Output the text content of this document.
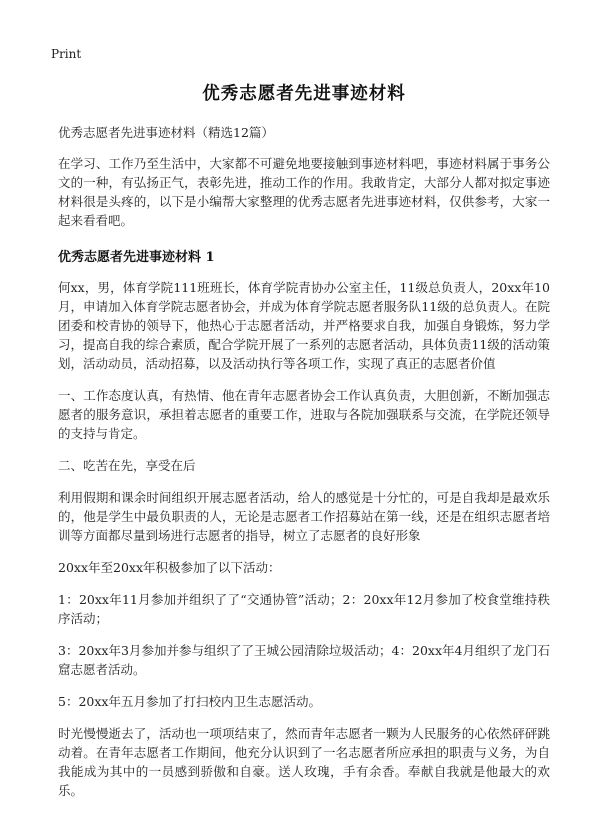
Print
优秀志愿者先进事迹材料
优秀志愿者先进事迹材料（精选12篇）
在学习、工作乃至生活中，大家都不可避免地要接触到事迹材料吧，事迹材料属于事务公文的一种，有弘扬正气，表彰先进，推动工作的作用。我敢肯定，大部分人都对拟定事迹材料很是头疼的，以下是小编帮大家整理的优秀志愿者先进事迹材料，仅供参考，大家一起来看看吧。
优秀志愿者先进事迹材料 1
何xx，男，体育学院111班班长，体育学院青协办公室主任，11级总负责人，20xx年10月，申请加入体育学院志愿者协会，并成为体育学院志愿者服务队11级的总负责人。在院团委和校青协的领导下，他热心于志愿者活动，并严格要求自我，加强自身锻炼，努力学习，提高自我的综合素质，配合学院开展了一系列的志愿者活动，具体负责11级的活动策划，活动动员，活动招募，以及活动执行等各项工作，实现了真正的志愿者价值
一、工作态度认真，有热情、他在青年志愿者协会工作认真负责，大胆创新，不断加强志愿者的服务意识，承担着志愿者的重要工作，进取与各院加强联系与交流，在学院还领导的支持与肯定。
二、吃苦在先，享受在后
利用假期和课余时间组织开展志愿者活动，给人的感觉是十分忙的，可是自我却是最欢乐的，他是学生中最负职责的人，无论是志愿者工作招募站在第一线，还是在组织志愿者培训等方面都尽量到场进行志愿者的指导，树立了志愿者的良好形象
20xx年至20xx年积极参加了以下活动：
1：20xx年11月参加并组织了了“交通协管”活动；2：20xx年12月参加了校食堂维持秩序活动；
3：20xx年3月参加并参与组织了了王城公园清除垃圾活动；4：20xx年4月组织了龙门石窟志愿者活动。
5：20xx年五月参加了打扫校内卫生志愿活动。
时光慢慢逝去了，活动也一项项结束了，然而青年志愿者一颗为人民服务的心依然砰砰跳动着。在青年志愿者工作期间，他充分认识到了一名志愿者所应承担的职责与义务，为自我能成为其中的一员感到骄傲和自豪。送人玫瑰，手有余香。奉献自我就是他最大的欢乐。
